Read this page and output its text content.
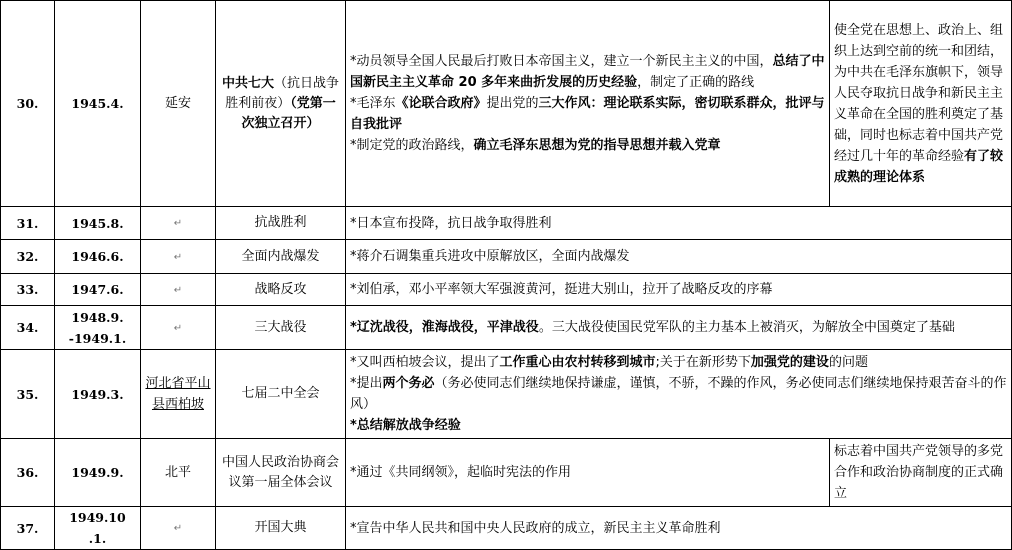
30.	1945.4.	延安	中共七大（抗日战争胜利前夜）（党第一次独立召开）	*动员领导全国人民最后打败日本帝国主义，建立一个新民主主义的中国，总结了中国新民主主义革命 20 多年来曲折发展的历史经验，制定了正确的路线
*毛泽东《论联合政府》提出党的三大作风：理论联系实际，密切联系群众，批评与自我批评
*制定党的政治路线，确立毛泽东思想为党的指导思想并载入党章	使全党在思想上、政治上、组织上达到空前的统一和团结，为中共在毛泽东旗帜下，领导人民夺取抗日战争和新民主主义革命在全国的胜利奠定了基础，同时也标志着中国共产党经过几十年的革命经验有了较成熟的理论体系
31.	1945.8.	↵	抗战胜利	*日本宣布投降，抗日战争取得胜利	

32.	1946.6.	↵	全面内战爆发	*蒋介石调集重兵进攻中原解放区，全面内战爆发	

33.	1947.6.	↵	战略反攻	*刘伯承，邓小平率领大军强渡黄河，挺进大别山，拉开了战略反攻的序幕	

34.	1948.9. -1949.1.	↵	三大战役	*辽沈战役，淮海战役，平津战役。三大战役使国民党军队的主力基本上被消灭，为解放全中国奠定了基础	

35.	1949.3.	河北省平山县西柏坡	七届二中全会	*又叫西柏坡会议，提出了工作重心由农村转移到城市;关于在新形势下加强党的建设的问题
*提出两个务必（务必使同志们继续地保持谦虚，谨慎，不骄，不躁的作风，务必使同志们继续地保持艰苦奋斗的作风）
*总结解放战争经验	

36.	1949.9.	北平	中国人民政治协商会议第一届全体会议	*通过《共同纲领》，起临时宪法的作用	标志着中国共产党领导的多党合作和政治协商制度的正式确立
37.	1949.10 .1.	↵	开国大典	*宣告中华人民共和国中央人民政府的成立，新民主主义革命胜利	
